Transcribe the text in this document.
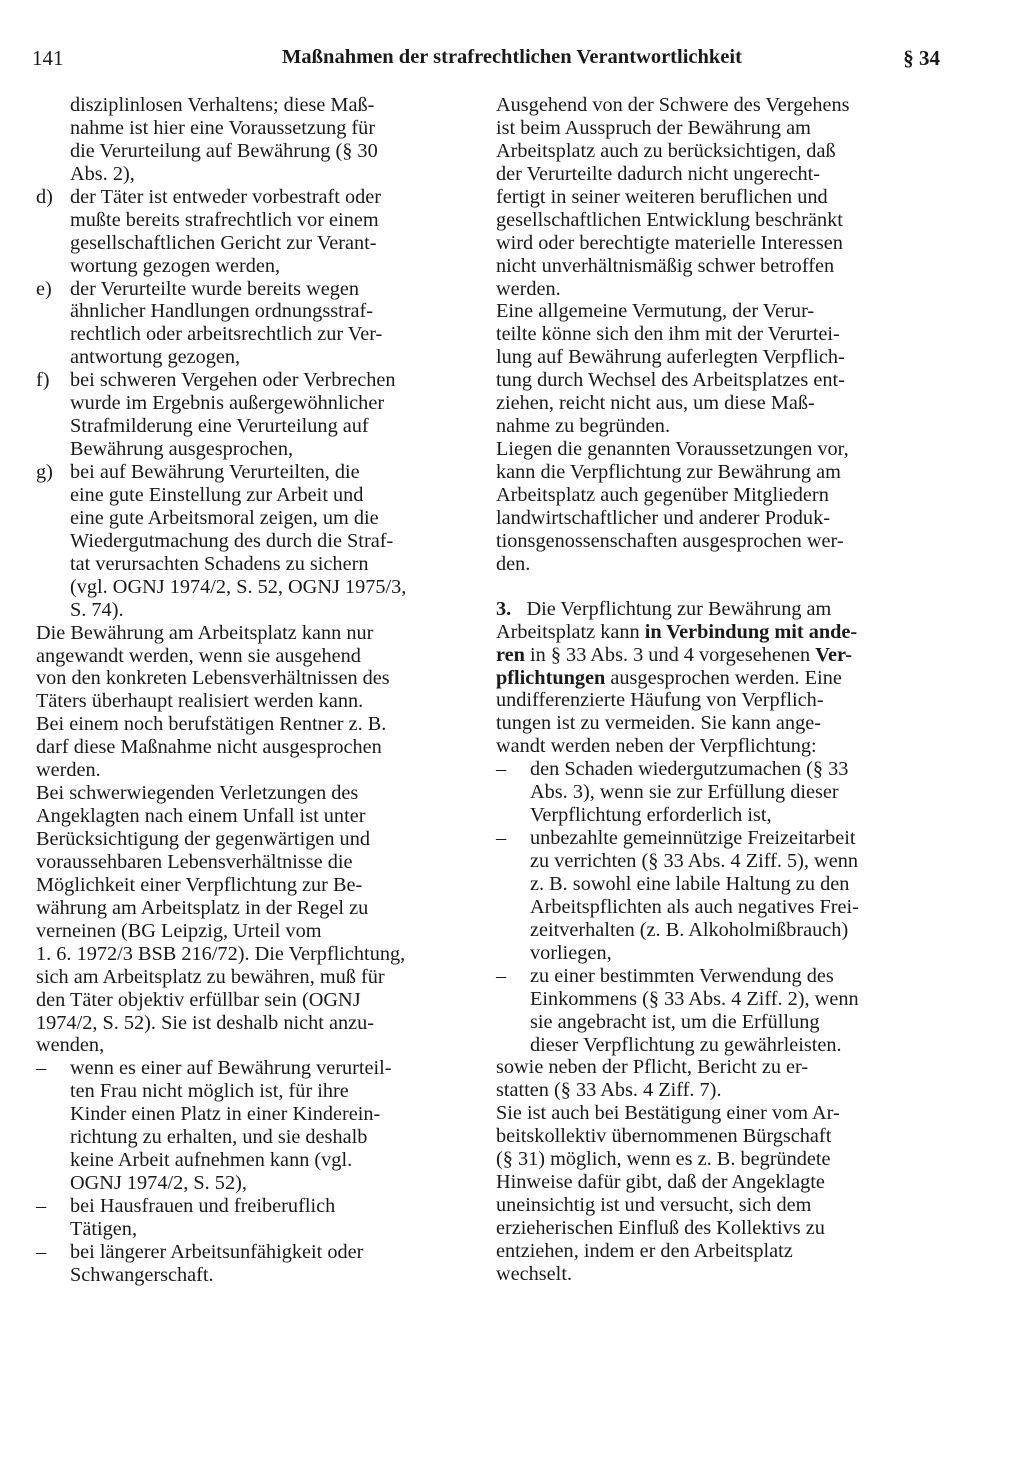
141	Maßnahmen der strafrechtlichen Verantwortlichkeit	§ 34
disziplinlosen Verhaltens; diese Maß-
nahme ist hier eine Voraussetzung für
die Verurteilung auf Bewährung (§ 30
Abs. 2),
d) der Täter ist entweder vorbestraft oder
mußte bereits strafrechtlich vor einem
gesellschaftlichen Gericht zur Verant-
wortung gezogen werden,
e) der Verurteilte wurde bereits wegen
ähnlicher Handlungen ordnungsstraf-
rechtlich oder arbeitsrechtlich zur Ver-
antwortung gezogen,
f)	bei schweren Vergehen oder Verbrechen
wurde im Ergebnis außergewöhnlicher
Strafmilderung eine Verurteilung auf
Bewährung ausgesprochen,
g) bei auf Bewährung Verurteilten, die
eine gute Einstellung zur Arbeit und
eine gute Arbeitsmoral zeigen, um die
Wiedergutmachung des durch die Straf-
tat verursachten Schadens zu sichern
(vgl. OGNJ 1974/2, S. 52, OGNJ 1975/3,
S. 74).
Die Bewährung am Arbeitsplatz kann nur
angewandt werden, wenn sie ausgehend
von den konkreten Lebensverhältnissen des
Täters überhaupt realisiert werden kann.
Bei einem noch berufstätigen Rentner z. B.
darf diese Maßnahme nicht ausgesprochen
werden.
Bei schwerwiegenden Verletzungen des
Angeklagten nach einem Unfall ist unter
Berücksichtigung der gegenwärtigen und
voraussehbaren Lebensverhältnisse die
Möglichkeit einer Verpflichtung zur Be-
währung am Arbeitsplatz in der Regel zu
verneinen (BG Leipzig, Urteil vom
1. 6. 1972/3 BSB 216/72). Die Verpflichtung,
sich am Arbeitsplatz zu bewähren, muß für
den Täter objektiv erfüllbar sein (OGNJ
1974/2, S. 52). Sie ist deshalb nicht anzu-
wenden,
–	wenn es einer auf Bewährung verurteil-
ten Frau nicht möglich ist, für ihre
Kinder einen Platz in einer Kinderein-
richtung zu erhalten, und sie deshalb
keine Arbeit aufnehmen kann (vgl.
OGNJ 1974/2, S. 52),
–	bei Hausfrauen und freiberuflich
Tätigen,
–	bei längerer Arbeitsunfähigkeit oder
Schwangerschaft.
Ausgehend von der Schwere des Vergehens
ist beim Ausspruch der Bewährung am
Arbeitsplatz auch zu berücksichtigen, daß
der Verurteilte dadurch nicht ungerecht-
fertigt in seiner weiteren beruflichen und
gesellschaftlichen Entwicklung beschränkt
wird oder berechtigte materielle Interessen
nicht unverhältnismäßig schwer betroffen
werden.
Eine allgemeine Vermutung, der Verur-
teilte könne sich den ihm mit der Verurtei-
lung auf Bewährung auferlegten Verpflich-
tung durch Wechsel des Arbeitsplatzes ent-
ziehen, reicht nicht aus, um diese Maß-
nahme zu begründen.
Liegen die genannten Voraussetzungen vor,
kann die Verpflichtung zur Bewährung am
Arbeitsplatz auch gegenüber Mitgliedern
landwirtschaftlicher und anderer Produk-
tionsgenossenschaften ausgesprochen wer-
den.
3. Die Verpflichtung zur Bewährung am
Arbeitsplatz kann in Verbindung mit ande-
ren in § 33 Abs. 3 und 4 vorgesehenen Ver-
pflichtungen ausgesprochen werden. Eine
undifferenzierte Häufung von Verpflich-
tungen ist zu vermeiden. Sie kann ange-
wandt werden neben der Verpflichtung:
–	den Schaden wiedergutzumachen (§ 33
Abs. 3), wenn sie zur Erfüllung dieser
Verpflichtung erforderlich ist,
–	unbezahlte gemeinnützige Freizeitarbeit
zu verrichten (§ 33 Abs. 4 Ziff. 5), wenn
z. B. sowohl eine labile Haltung zu den
Arbeitspflichten als auch negatives Frei-
zeitverhalten (z. B. Alkoholmißbrauch)
vorliegen,
–	zu einer bestimmten Verwendung des
Einkommens (§ 33 Abs. 4 Ziff. 2), wenn
sie angebracht ist, um die Erfüllung
dieser Verpflichtung zu gewährleisten.
sowie neben der Pflicht, Bericht zu er-
statten (§ 33 Abs. 4 Ziff. 7).
Sie ist auch bei Bestätigung einer vom Ar-
beitskollektiv übernommenen Bürgschaft
(§ 31) möglich, wenn es z. B. begründete
Hinweise dafür gibt, daß der Angeklagte
uneinsichtig ist und versucht, sich dem
erzieherischen Einfluß des Kollektivs zu
entziehen, indem er den Arbeitsplatz
wechselt.
